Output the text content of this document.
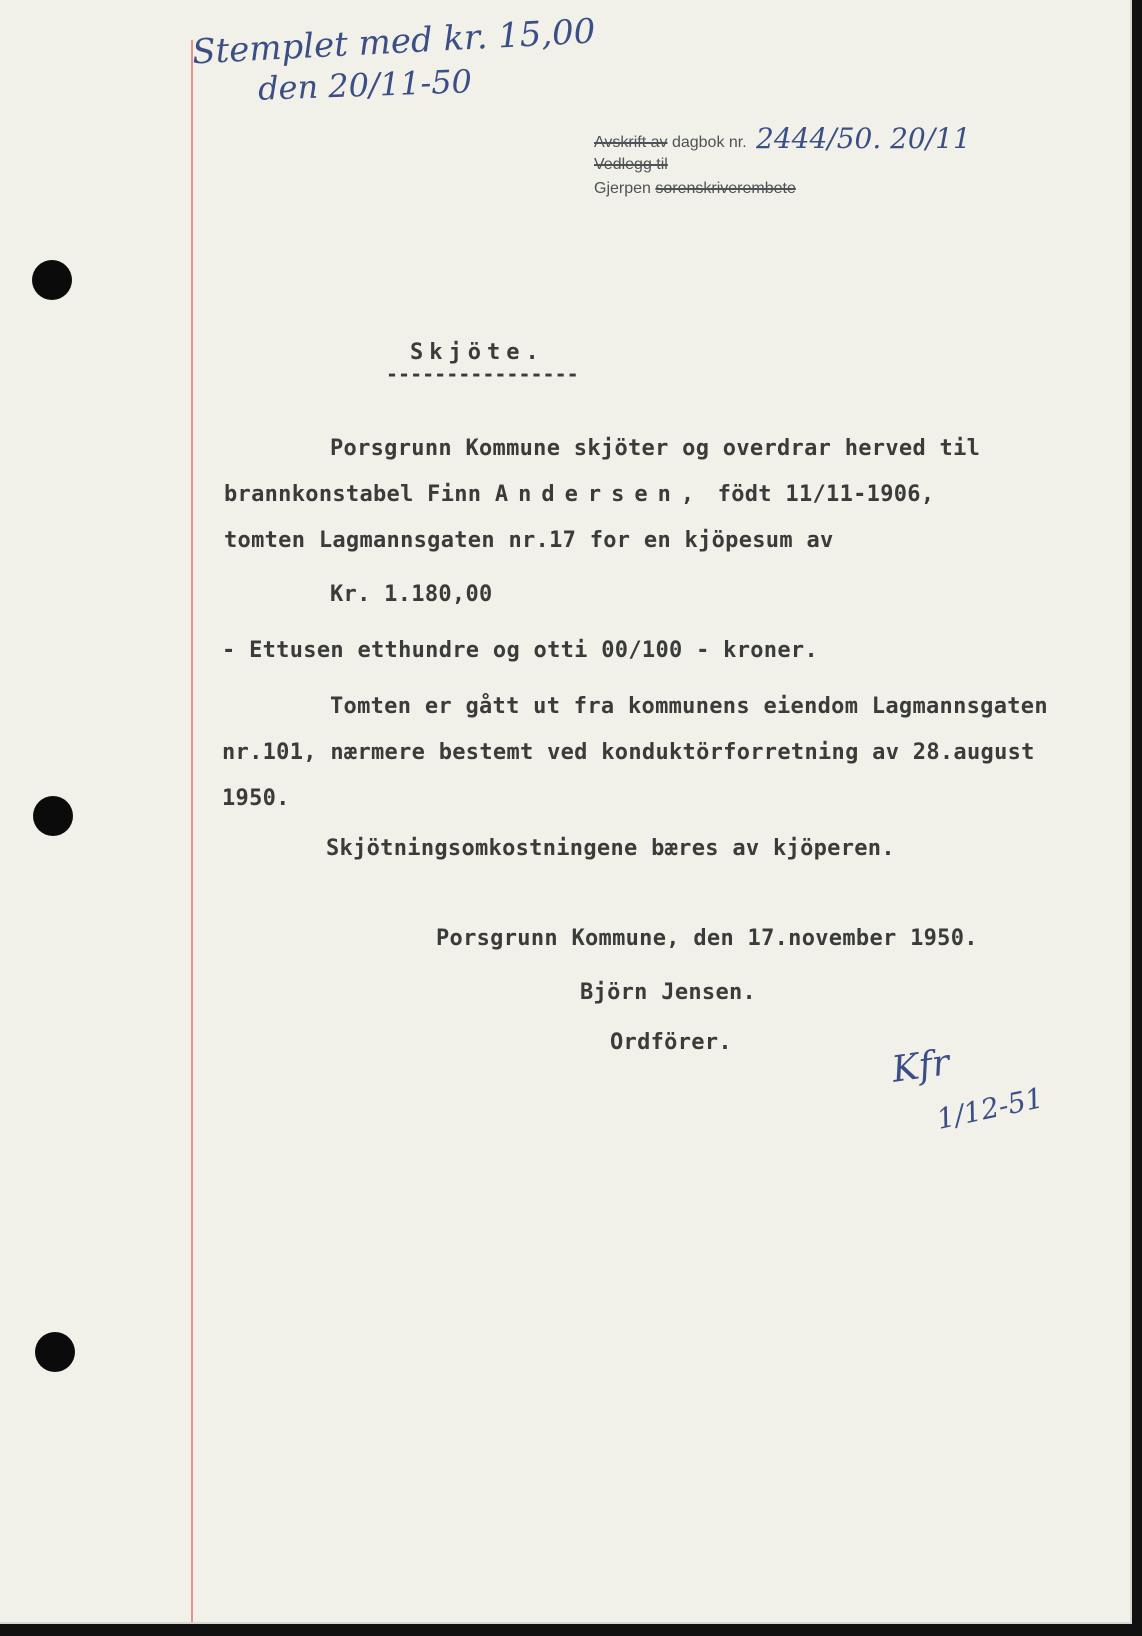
Stemplet med kr. 15,00
den 20/11-50
Avskrift av dagbok nr. 2444/50. 20/11
Vedlegg til
Gjerpen sorenskriverembete
Skjöte.
----------------
Porsgrunn Kommune skjöter og overdrar herved til
brannkonstabel Finn Andersen, födt 11/11-1906,
tomten Lagmannsgaten nr.17 for en kjöpesum av
Kr. 1.180,00
- Ettusen etthundre og otti 00/100 - kroner.
Tomten er gått ut fra kommunens eiendom Lagmannsgaten
nr.101, nærmere bestemt ved konduktörforretning av 28.august
1950.
Skjötningsomkostningene bæres av kjöperen.
Porsgrunn Kommune, den 17.november 1950.
Björn Jensen.
Ordförer.	Kfr
1/12-51
